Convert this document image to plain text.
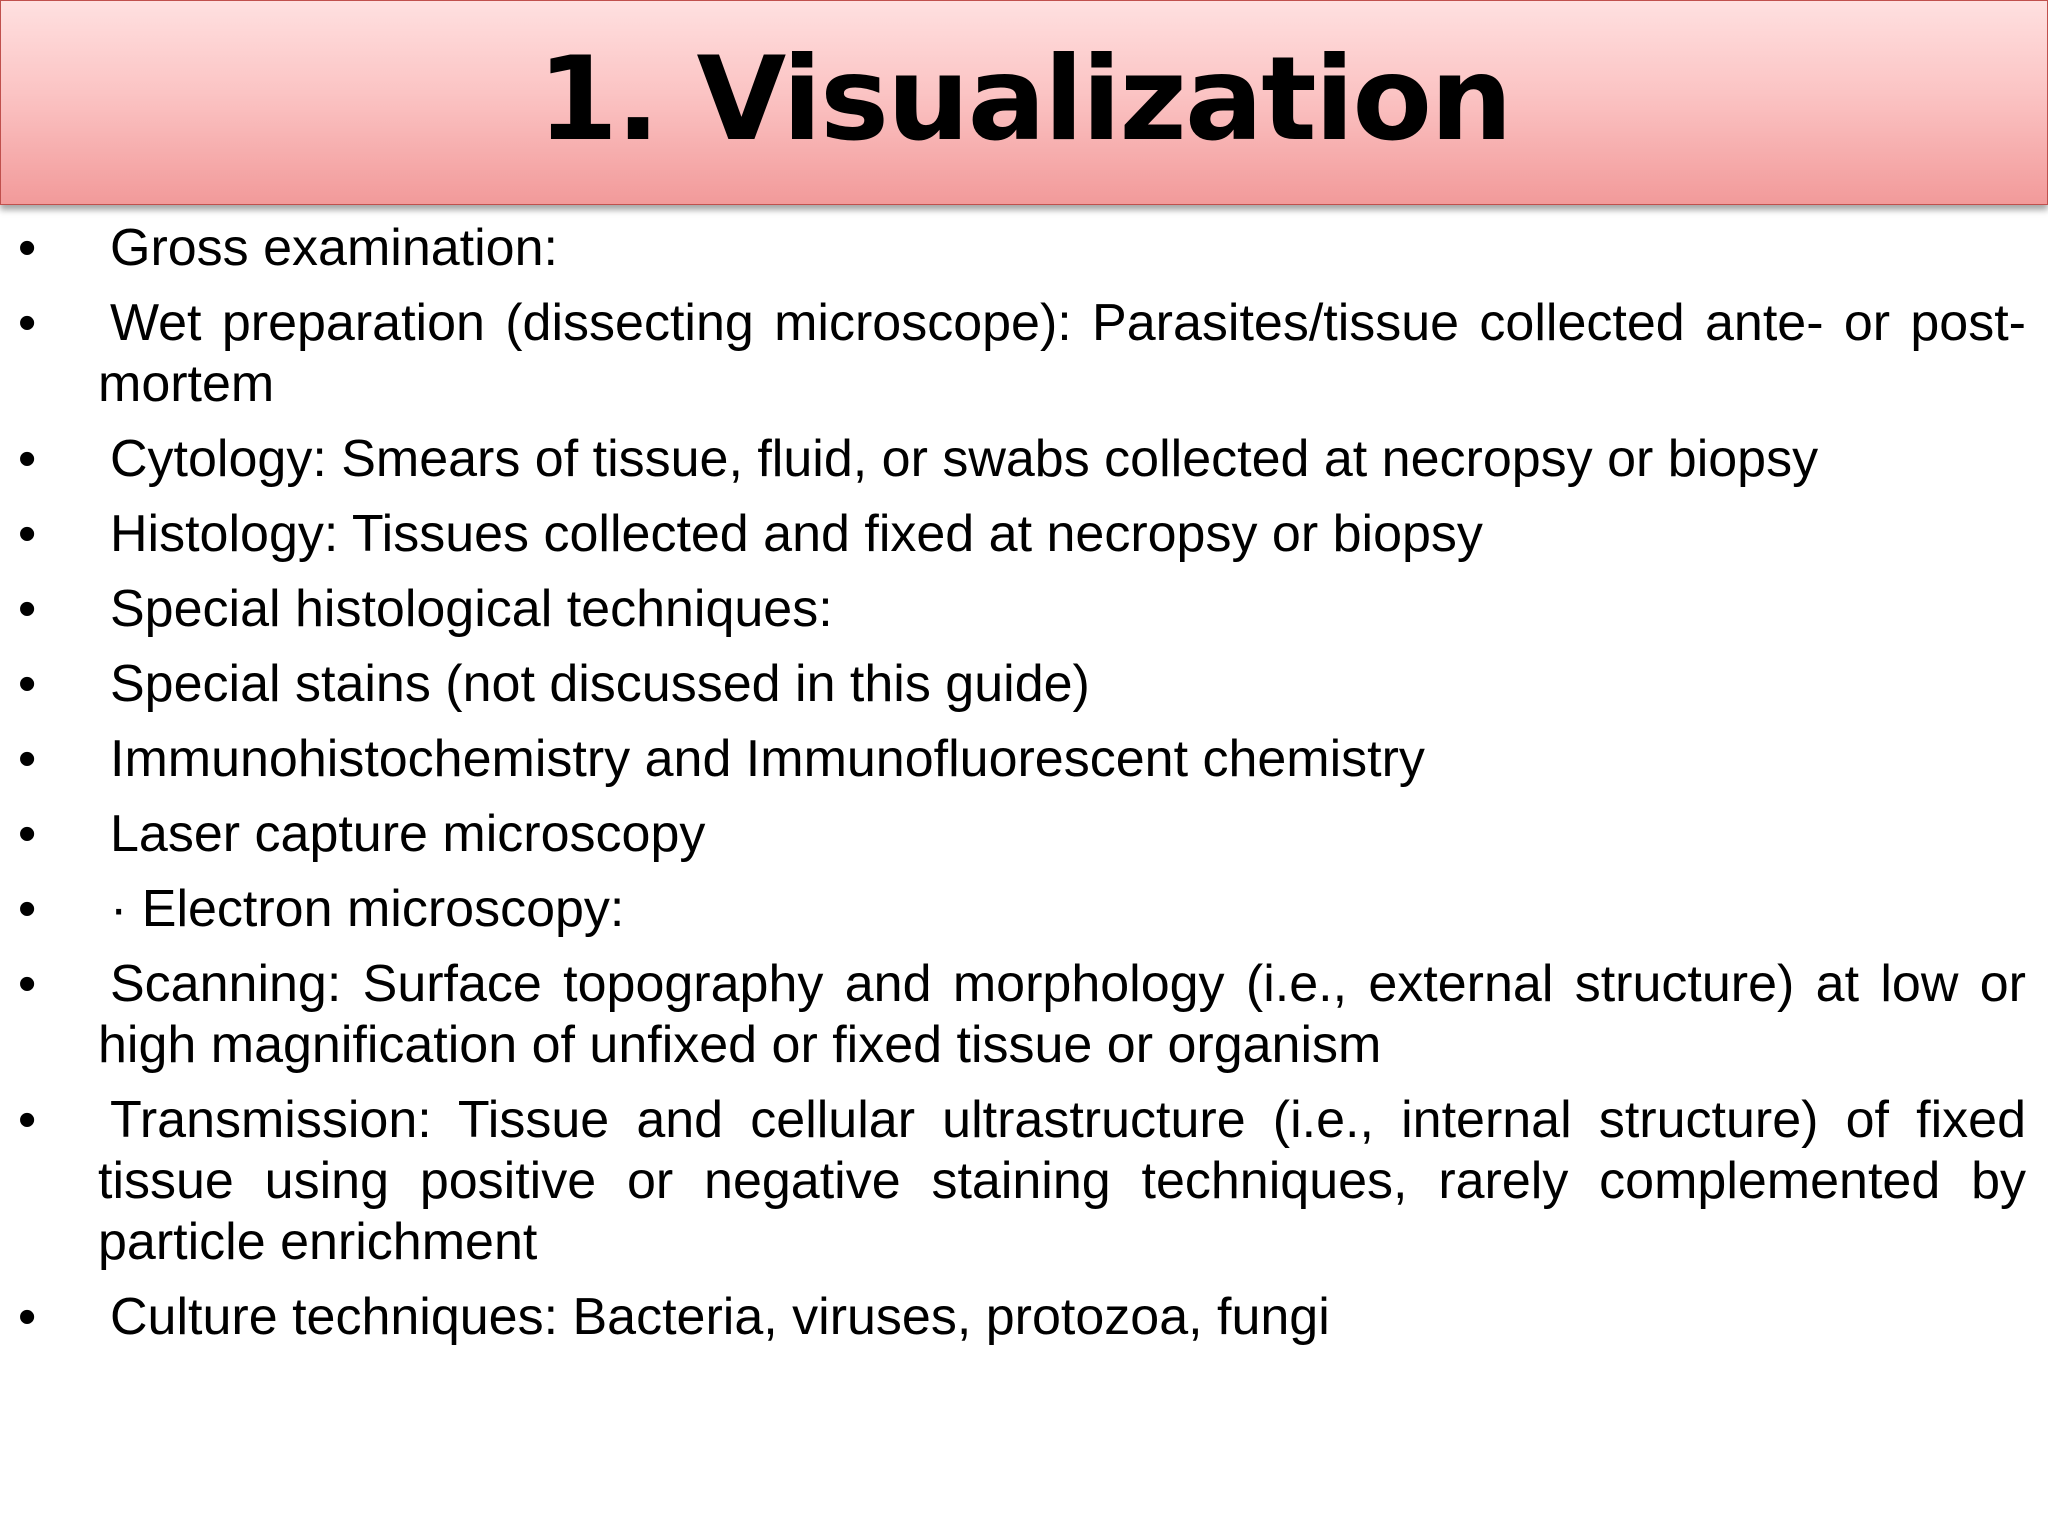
1. Visualization
• Gross examination:
• Wet preparation (dissecting microscope): Parasites/tissue collected ante- or post-mortem
• Cytology: Smears of tissue, fluid, or swabs collected at necropsy or biopsy
• Histology: Tissues collected and fixed at necropsy or biopsy
• Special histological techniques:
• Special stains (not discussed in this guide)
• Immunohistochemistry and Immunofluorescent chemistry
• Laser capture microscopy
• · Electron microscopy:
• Scanning: Surface topography and morphology (i.e., external structure) at low or high magnification of unfixed or fixed tissue or organism
• Transmission: Tissue and cellular ultrastructure (i.e., internal structure) of fixed tissue using positive or negative staining techniques, rarely complemented by particle enrichment
• Culture techniques: Bacteria, viruses, protozoa, fungi
